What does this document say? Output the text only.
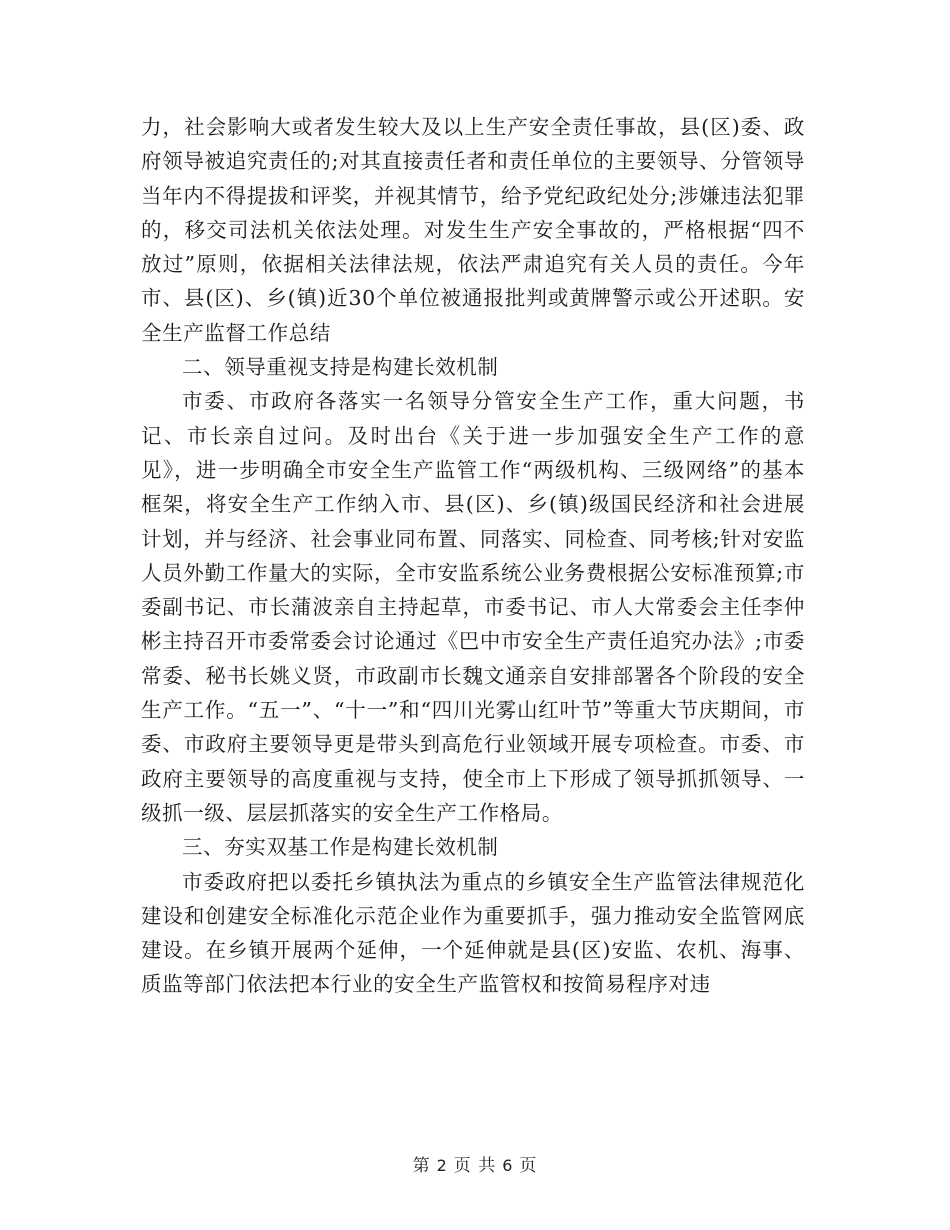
力，社会影响大或者发生较大及以上生产安全责任事故，县(区)委、政府领导被追究责任的;对其直接责任者和责任单位的主要领导、分管领导当年内不得提拔和评奖，并视其情节，给予党纪政纪处分;涉嫌违法犯罪的，移交司法机关依法处理。对发生生产安全事故的，严格根据“四不放过”原则，依据相关法律法规，依法严肃追究有关人员的责任。今年市、县(区)、乡(镇)近30个单位被通报批判或黄牌警示或公开述职。安全生产监督工作总结

二、领导重视支持是构建长效机制

市委、市政府各落实一名领导分管安全生产工作，重大问题，书记、市长亲自过问。及时出台《关于进一步加强安全生产工作的意见》，进一步明确全市安全生产监管工作“两级机构、三级网络”的基本框架，将安全生产工作纳入市、县(区)、乡(镇)级国民经济和社会进展计划，并与经济、社会事业同布置、同落实、同检查、同考核;针对安监人员外勤工作量大的实际，全市安监系统公业务费根据公安标准预算;市委副书记、市长蒲波亲自主持起草，市委书记、市人大常委会主任李仲彬主持召开市委常委会讨论通过《巴中市安全生产责任追究办法》;市委常委、秘书长姚义贤，市政副市长魏文通亲自安排部署各个阶段的安全生产工作。“五一”、“十一”和“四川光雾山红叶节”等重大节庆期间，市委、市政府主要领导更是带头到高危行业领域开展专项检查。市委、市政府主要领导的高度重视与支持，使全市上下形成了领导抓抓领导、一级抓一级、层层抓落实的安全生产工作格局。

三、夯实双基工作是构建长效机制

市委政府把以委托乡镇执法为重点的乡镇安全生产监管法律规范化建设和创建安全标准化示范企业作为重要抓手，强力推动安全监管网底建设。在乡镇开展两个延伸，一个延伸就是县(区)安监、农机、海事、质监等部门依法把本行业的安全生产监管权和按简易程序对违

第 2 页 共 6 页
